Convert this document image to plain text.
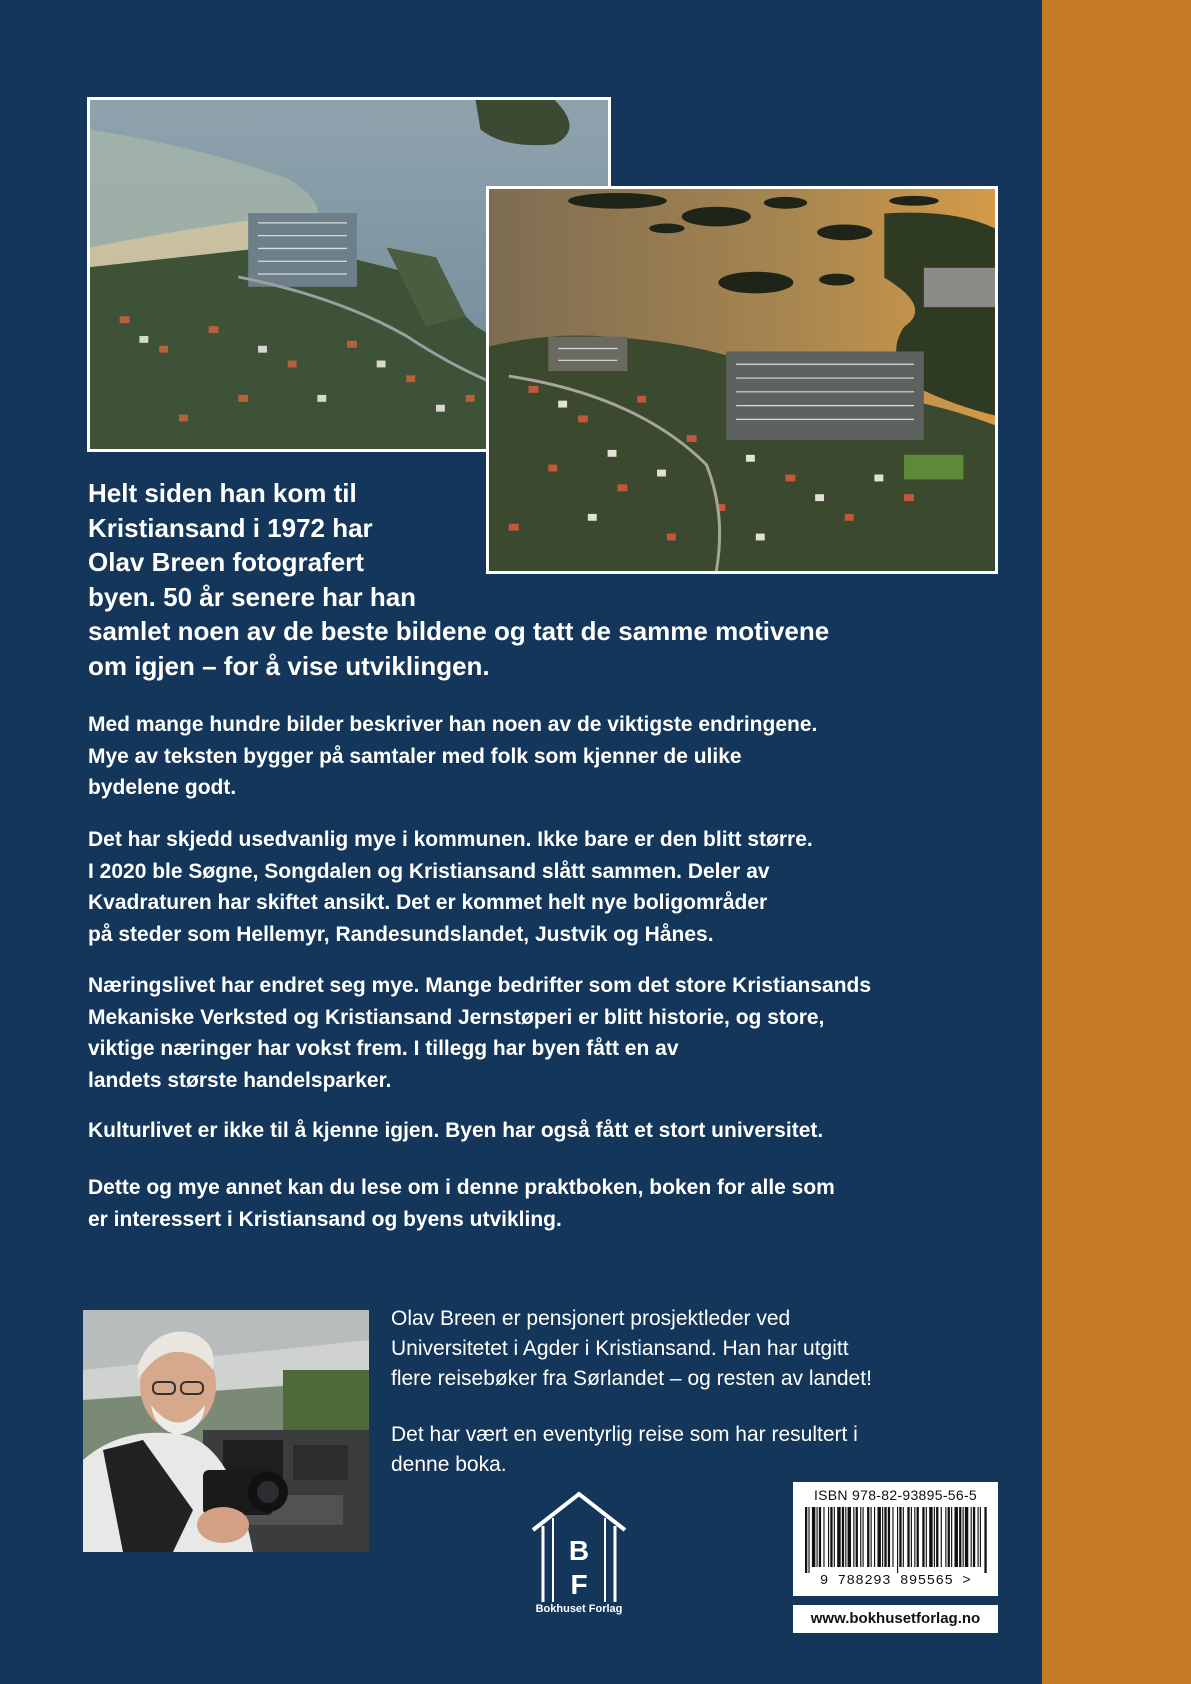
Helt siden han kom til
Kristiansand i 1972 har
Olav Breen fotografert
byen. 50 år senere har han
samlet noen av de beste bildene og tatt de samme motivene
om igjen – for å vise utviklingen.

Med mange hundre bilder beskriver han noen av de viktigste endringene.
Mye av teksten bygger på samtaler med folk som kjenner de ulike
bydelene godt.

Det har skjedd usedvanlig mye i kommunen. Ikke bare er den blitt større.
I 2020 ble Søgne, Songdalen og Kristiansand slått sammen. Deler av
Kvadraturen har skiftet ansikt. Det er kommet helt nye boligområder
på steder som Hellemyr, Randesundslandet, Justvik og Hånes.

Næringslivet har endret seg mye. Mange bedrifter som det store Kristiansands
Mekaniske Verksted og Kristiansand Jernstøperi er blitt historie, og store,
viktige næringer har vokst frem. I tillegg har byen fått en av
landets største handelsparker.

Kulturlivet er ikke til å kjenne igjen. Byen har også fått et stort universitet.

Dette og mye annet kan du lese om i denne praktboken, boken for alle som
er interessert i Kristiansand og byens utvikling.

Olav Breen er pensjonert prosjektleder ved
Universitetet i Agder i Kristiansand. Han har utgitt
flere reisebøker fra Sørlandet – og resten av landet!

Det har vært en eventyrlig reise som har resultert i
denne boka.

B
F
Bokhuset Forlag
ISBN 978-82-93895-56-5
9 788293 895565 >
www.bokhusetforlag.no
